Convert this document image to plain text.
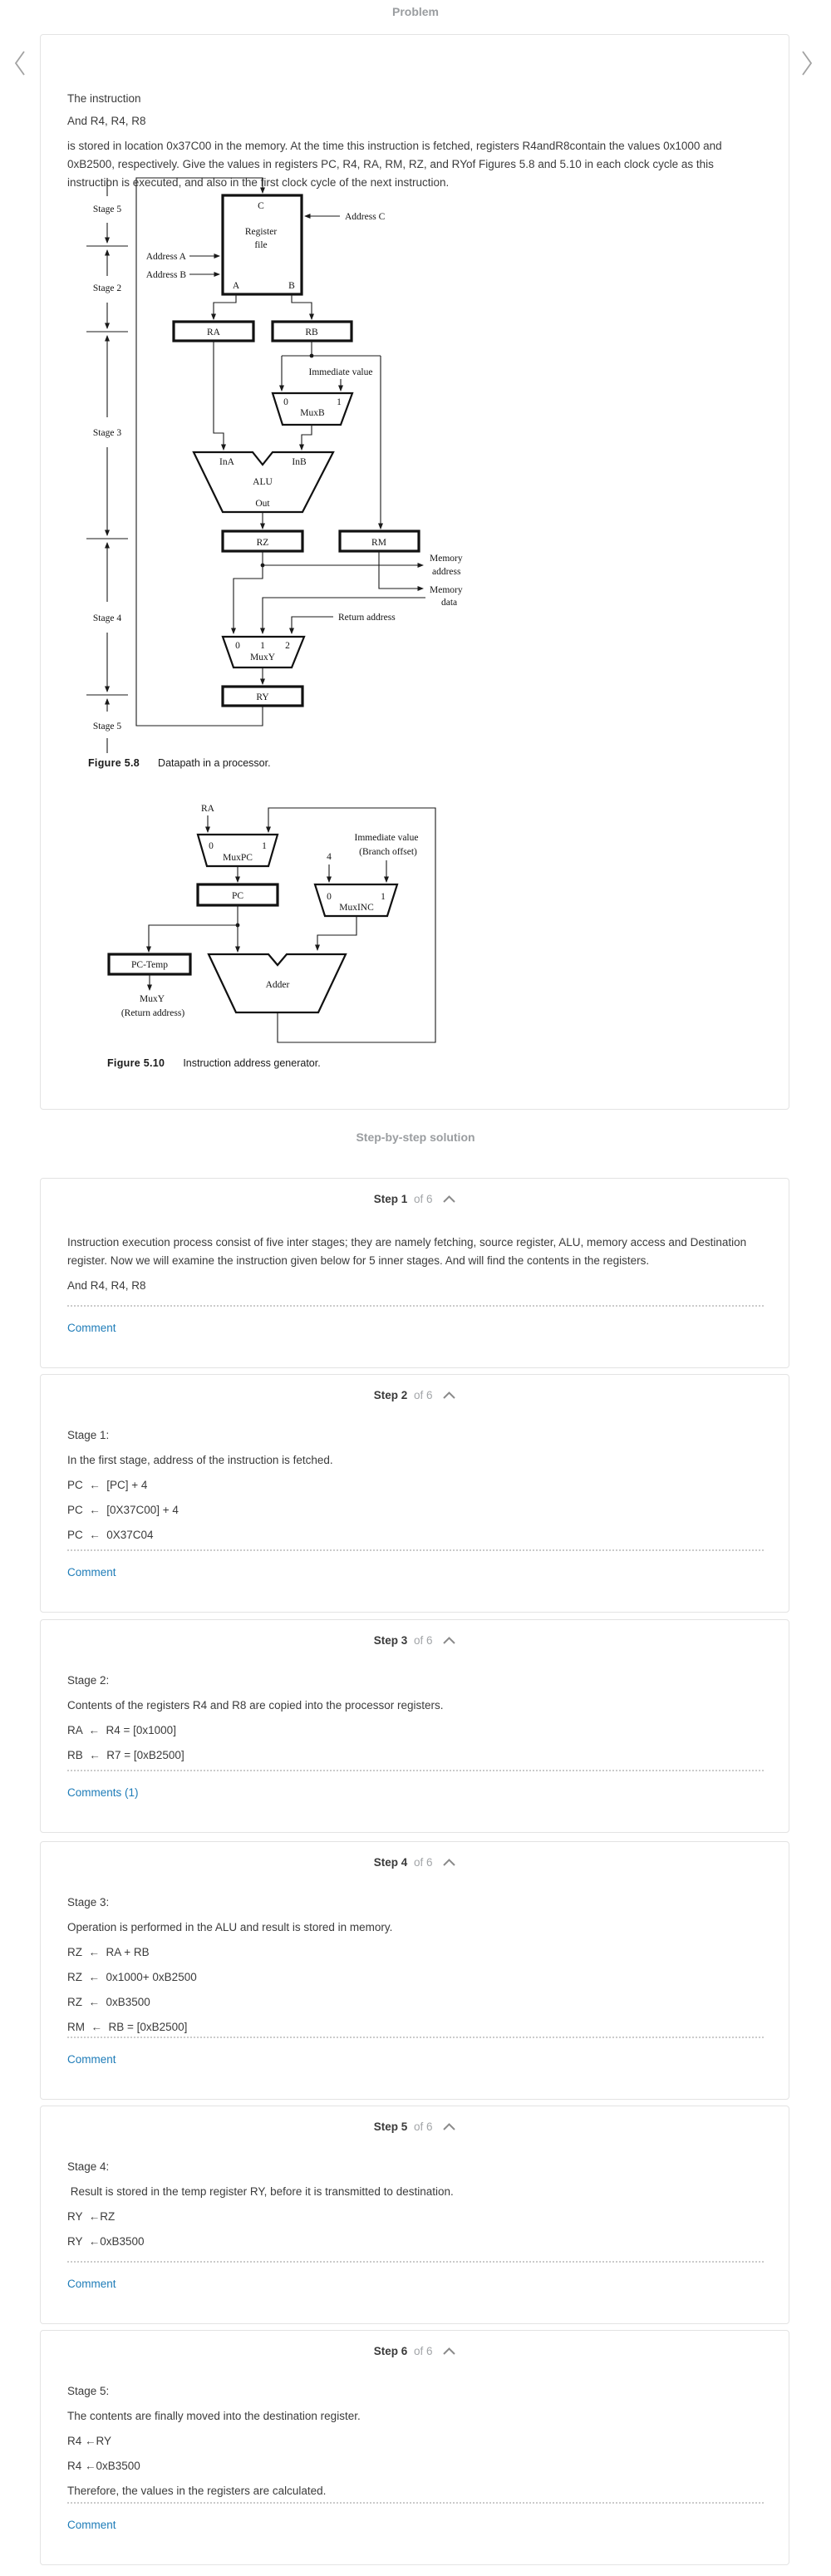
Problem

The instruction

And R4, R4, R8

is stored in location 0x37C00 in the memory. At the time this instruction is fetched, registers R4andR8contain the values 0x1000 and 0xB2500, respectively. Give the values in registers PC, R4, RA, RM, RZ, and RYof Figures 5.8 and 5.10 in each clock cycle as this instruction is executed, and also in the first clock cycle of the next instruction.

Stage 5
Stage 2
Stage 3
Stage 4
Stage 5
C
Register
file
A	B
Address A
Address B
Address C
RA	RB
Immediate value
0	1
MuxB
InA	InB
ALU
Out
RZ	RM
Memory
address
Memory
data
Return address
0 1 2
MuxY
RY
Figure 5.8 Datapath in a processor.
RA
0	1
MuxPC
PC
4
Immediate value
(Branch offset)
0	1
MuxINC
PC-Temp
MuxY
(Return address)
Adder
Figure 5.10 Instruction address generator.
Step-by-step solution
Step 1 of 6

Instruction execution process consist of five inter stages; they are namely fetching, source register, ALU, memory access and Destination register. Now we will examine the instruction given below for 5 inner stages. And will find the contents in the registers.

And R4, R4, R8

Comment
Step 2 of 6

Stage 1:

In the first stage, address of the instruction is fetched.

PC  ←  [PC] + 4

PC  ←  [0X37C00] + 4

PC  ←  0X37C04

Comment
Step 3 of 6

Stage 2:

Contents of the registers R4 and R8 are copied into the processor registers.

RA  ←  R4 = [0x1000]

RB  ←  R7 = [0xB2500]

Comments (1)
Step 4 of 6

Stage 3:

Operation is performed in the ALU and result is stored in memory.

RZ  ←  RA + RB

RZ  ←  0x1000+ 0xB2500

RZ  ←  0xB3500

RM  ←  RB = [0xB2500]

Comment
Step 5 of 6

Stage 4:

Result is stored in the temp register RY, before it is transmitted to destination.

RY  ←RZ

RY  ←0xB3500

Comment
Step 6 of 6

Stage 5:

The contents are finally moved into the destination register.

R4 ←RY

R4 ←0xB3500

Therefore, the values in the registers are calculated.

Comment
